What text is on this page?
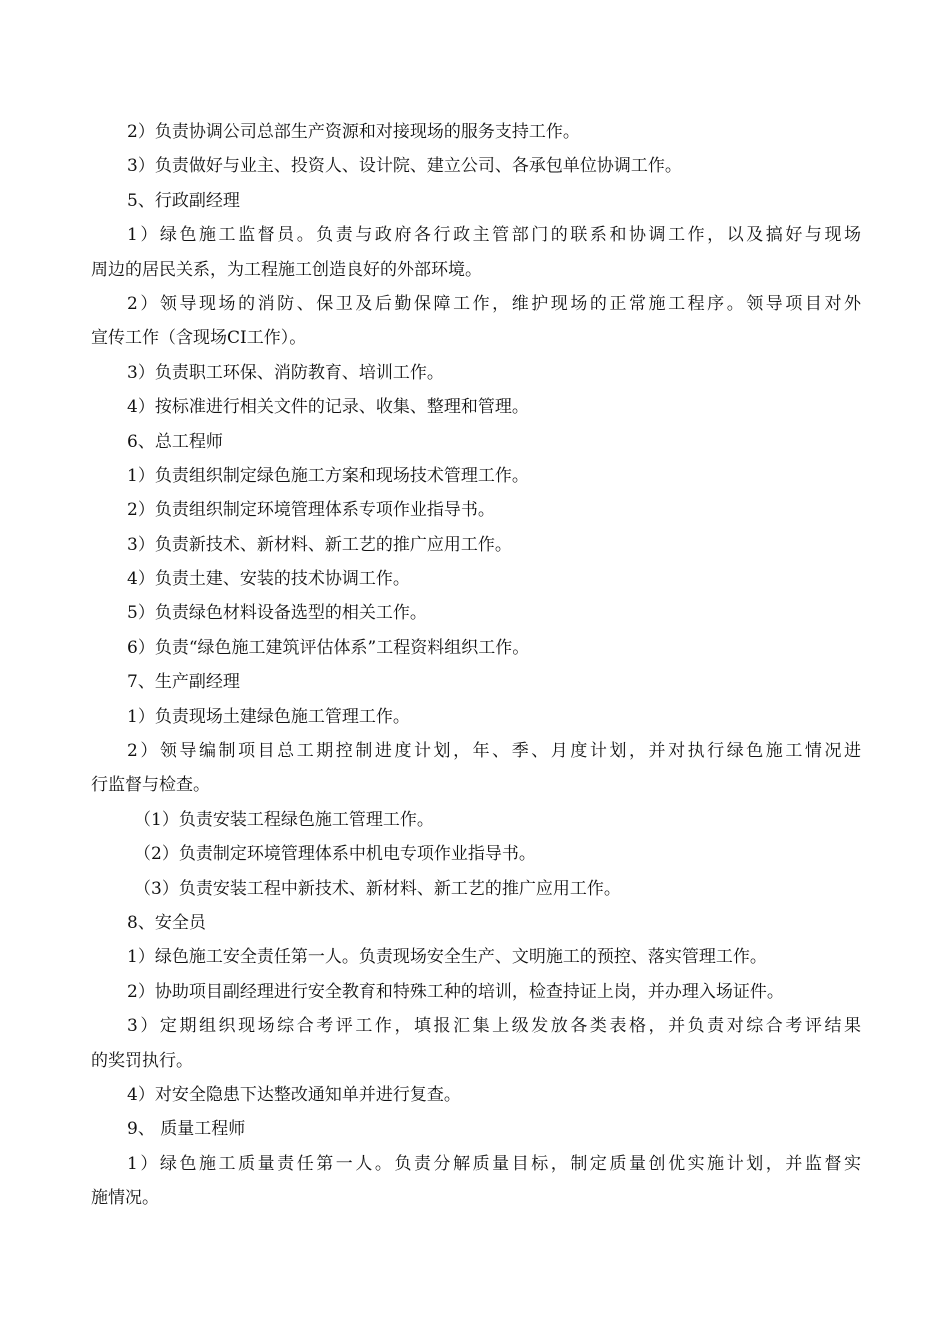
2）负责协调公司总部生产资源和对接现场的服务支持工作。

3）负责做好与业主、投资人、设计院、建立公司、各承包单位协调工作。

5、行政副经理

1）绿色施工监督员。负责与政府各行政主管部门的联系和协调工作，以及搞好与现场

周边的居民关系，为工程施工创造良好的外部环境。

2）领导现场的消防、保卫及后勤保障工作，维护现场的正常施工程序。领导项目对外

宣传工作（含现场CI工作）。

3）负责职工环保、消防教育、培训工作。

4）按标准进行相关文件的记录、收集、整理和管理。

6、总工程师

1）负责组织制定绿色施工方案和现场技术管理工作。

2）负责组织制定环境管理体系专项作业指导书。

3）负责新技术、新材料、新工艺的推广应用工作。

4）负责土建、安装的技术协调工作。

5）负责绿色材料设备选型的相关工作。

6）负责“绿色施工建筑评估体系”工程资料组织工作。

7、生产副经理

1）负责现场土建绿色施工管理工作。

2）领导编制项目总工期控制进度计划，年、季、月度计划，并对执行绿色施工情况进

行监督与检查。

（1）负责安装工程绿色施工管理工作。

（2）负责制定环境管理体系中机电专项作业指导书。

（3）负责安装工程中新技术、新材料、新工艺的推广应用工作。

8、安全员

1）绿色施工安全责任第一人。负责现场安全生产、文明施工的预控、落实管理工作。

2）协助项目副经理进行安全教育和特殊工种的培训，检查持证上岗，并办理入场证件。

3）定期组织现场综合考评工作，填报汇集上级发放各类表格，并负责对综合考评结果

的奖罚执行。

4）对安全隐患下达整改通知单并进行复查。

9、 质量工程师

1）绿色施工质量责任第一人。负责分解质量目标，制定质量创优实施计划，并监督实

施情况。
